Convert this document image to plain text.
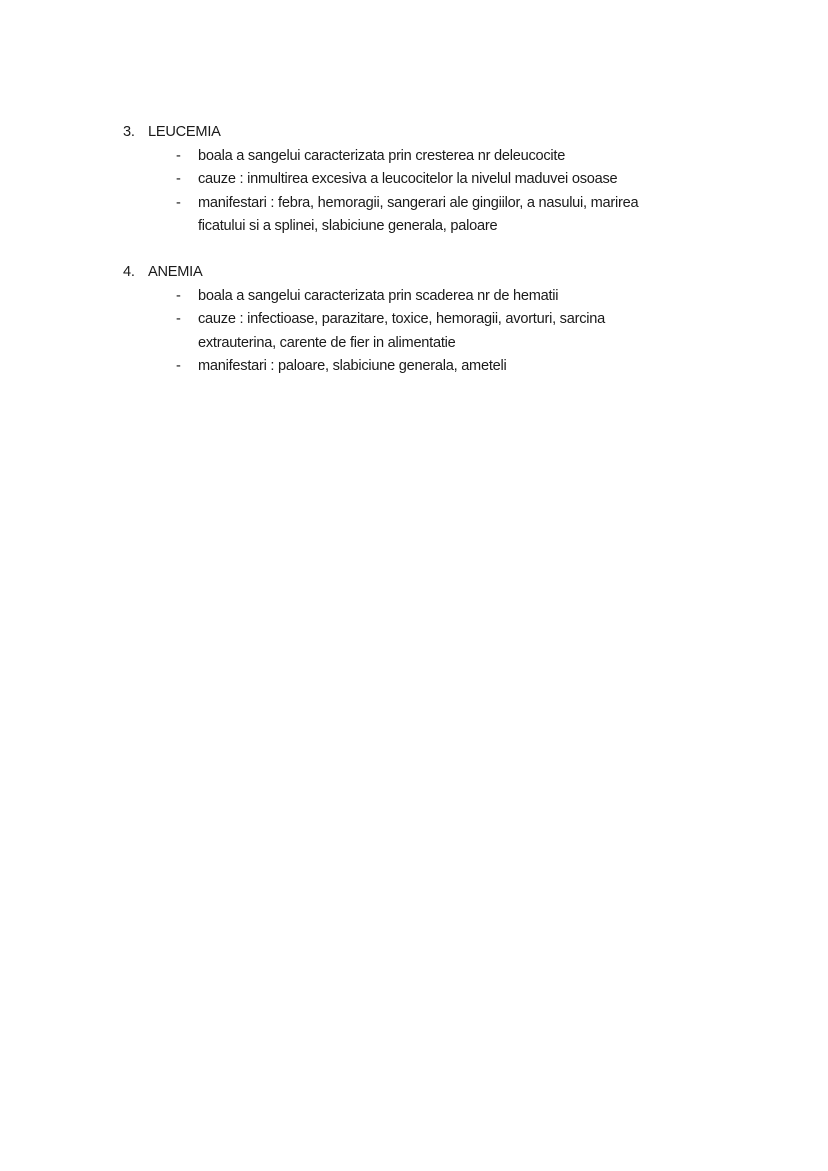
3. LEUCEMIA
- boala a sangelui caracterizata prin cresterea nr deleucocite
- cauze : inmultirea excesiva a leucocitelor la nivelul maduvei osoase
- manifestari : febra, hemoragii, sangerari ale gingiilor, a nasului, marirea
ficatului si a splinei, slabiciune generala, paloare
4. ANEMIA
- boala a sangelui caracterizata prin scaderea nr de hematii
- cauze : infectioase, parazitare, toxice, hemoragii, avorturi, sarcina
extrauterina, carente de fier in alimentatie
- manifestari : paloare, slabiciune generala, ameteli
